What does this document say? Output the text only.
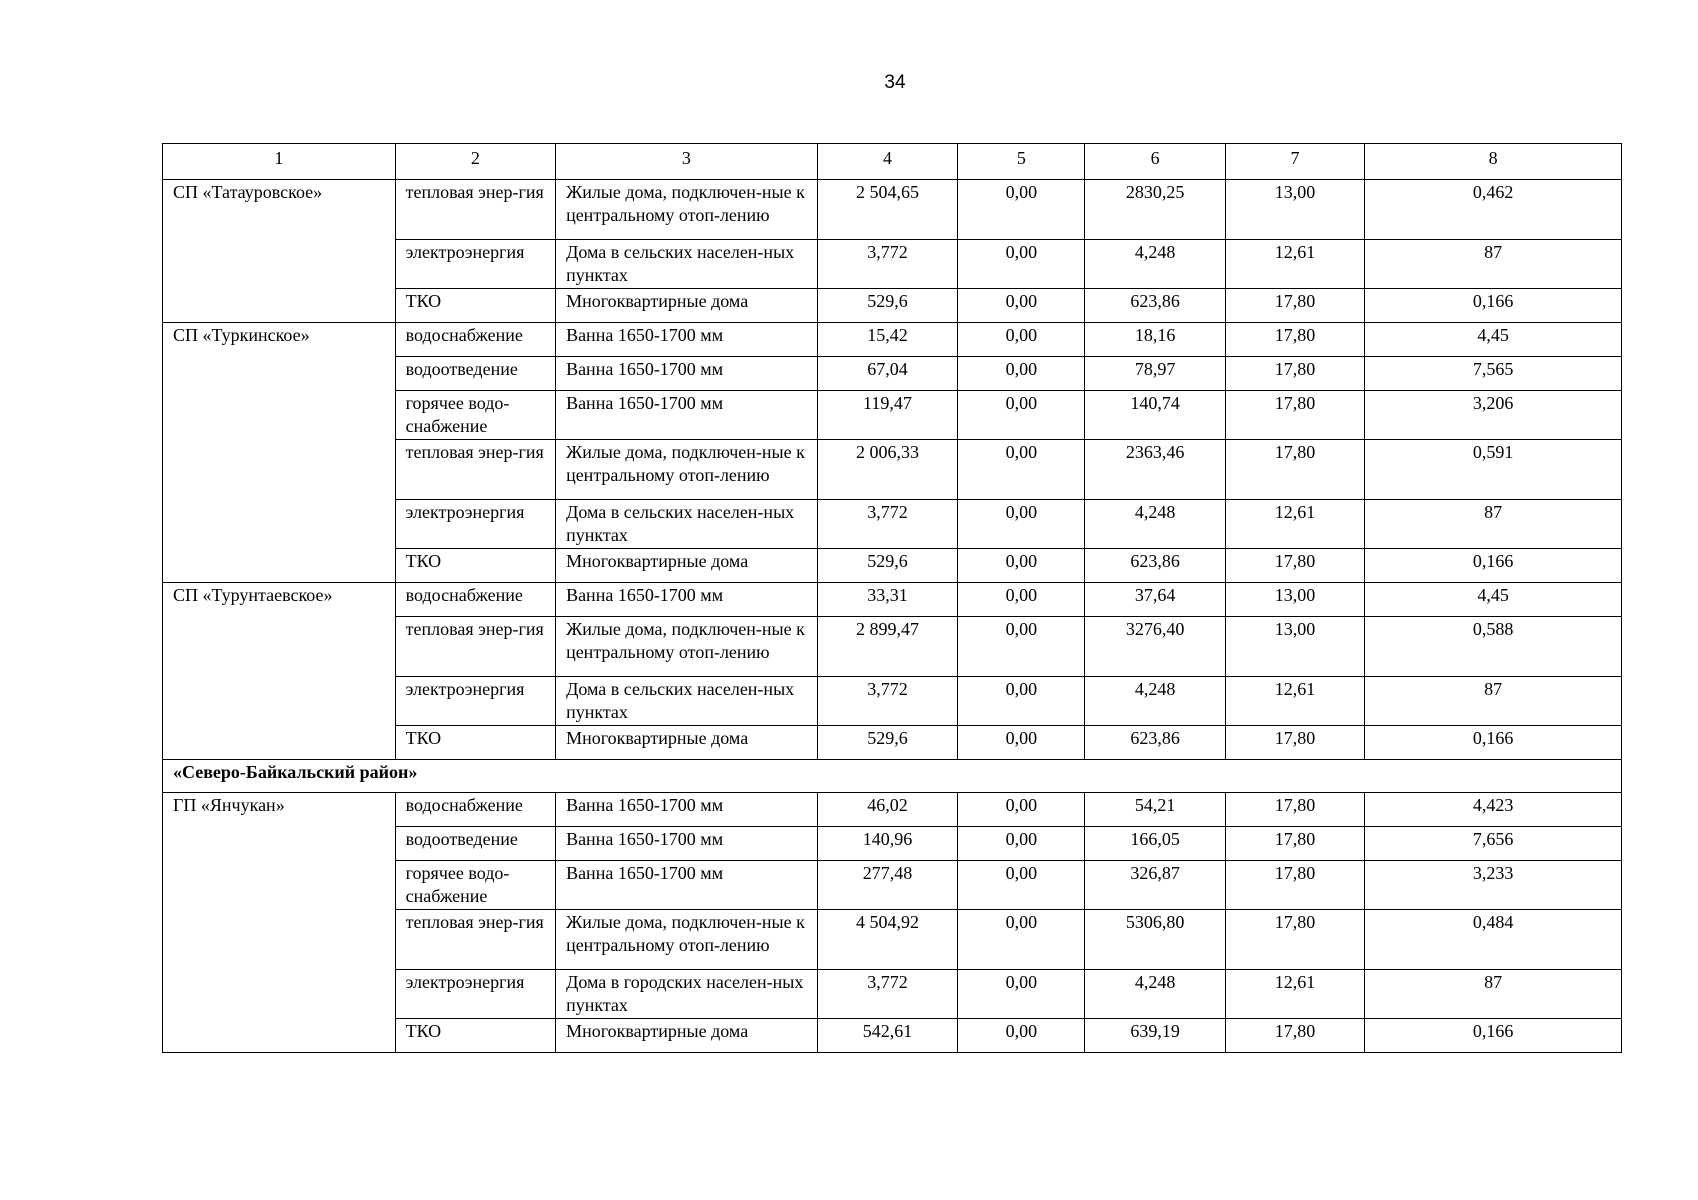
34
1	2	3	4	5	6	7	8
СП «Татауровское»	тепловая энер-гия	Жилые дома, подключен-ные к центральному отоп-лению	2 504,65	0,00	2830,25	13,00	0,462
	электроэнергия	Дома в сельских населен-ных пунктах	3,772	0,00	4,248	12,61	87
	ТКО	Многоквартирные дома	529,6	0,00	623,86	17,80	0,166
СП «Туркинское»	водоснабжение	Ванна 1650-1700 мм	15,42	0,00	18,16	17,80	4,45
	водоотведение	Ванна 1650-1700 мм	67,04	0,00	78,97	17,80	7,565
	горячее водо-снабжение	Ванна 1650-1700 мм	119,47	0,00	140,74	17,80	3,206
	тепловая энер-гия	Жилые дома, подключен-ные к центральному отоп-лению	2 006,33	0,00	2363,46	17,80	0,591
	электроэнергия	Дома в сельских населен-ных пунктах	3,772	0,00	4,248	12,61	87
	ТКО	Многоквартирные дома	529,6	0,00	623,86	17,80	0,166
СП «Турунтаевское»	водоснабжение	Ванна 1650-1700 мм	33,31	0,00	37,64	13,00	4,45
	тепловая энер-гия	Жилые дома, подключен-ные к центральному отоп-лению	2 899,47	0,00	3276,40	13,00	0,588
	электроэнергия	Дома в сельских населен-ных пунктах	3,772	0,00	4,248	12,61	87
	ТКО	Многоквартирные дома	529,6	0,00	623,86	17,80	0,166
«Северо-Байкальский район»							
ГП «Янчукан»	водоснабжение	Ванна 1650-1700 мм	46,02	0,00	54,21	17,80	4,423
	водоотведение	Ванна 1650-1700 мм	140,96	0,00	166,05	17,80	7,656
	горячее водо-снабжение	Ванна 1650-1700 мм	277,48	0,00	326,87	17,80	3,233
	тепловая энер-гия	Жилые дома, подключен-ные к центральному отоп-лению	4 504,92	0,00	5306,80	17,80	0,484
	электроэнергия	Дома в городских населен-ных пунктах	3,772	0,00	4,248	12,61	87
	ТКО	Многоквартирные дома	542,61	0,00	639,19	17,80	0,166
